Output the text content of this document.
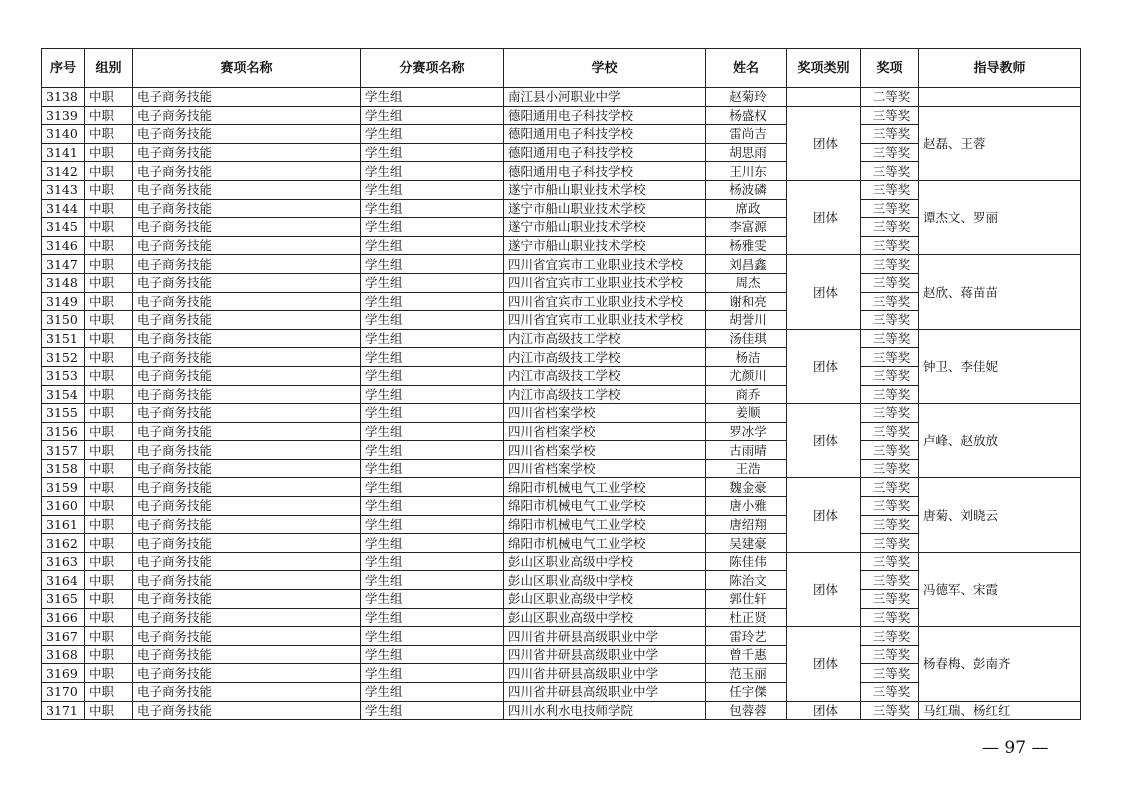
序号	组别	赛项名称	分赛项名称	学校	姓名	奖项类别	奖项	指导教师
3138	中职	电子商务技能	学生组	南江县小河职业中学	赵菊玲		二等奖	
3139	中职	电子商务技能	学生组	德阳通用电子科技学校	杨盛权	团体	三等奖	赵磊、王蓉
3140	中职	电子商务技能	学生组	德阳通用电子科技学校	雷尚吉		三等奖	
3141	中职	电子商务技能	学生组	德阳通用电子科技学校	胡思雨		三等奖	
3142	中职	电子商务技能	学生组	德阳通用电子科技学校	王川东		三等奖	
3143	中职	电子商务技能	学生组	遂宁市船山职业技术学校	杨波磷	团体	三等奖	谭杰文、罗丽
3144	中职	电子商务技能	学生组	遂宁市船山职业技术学校	席政		三等奖	
3145	中职	电子商务技能	学生组	遂宁市船山职业技术学校	李富源		三等奖	
3146	中职	电子商务技能	学生组	遂宁市船山职业技术学校	杨雅雯		三等奖	
3147	中职	电子商务技能	学生组	四川省宜宾市工业职业技术学校	刘昌鑫	团体	三等奖	赵欣、蒋苗苗
3148	中职	电子商务技能	学生组	四川省宜宾市工业职业技术学校	周杰		三等奖	
3149	中职	电子商务技能	学生组	四川省宜宾市工业职业技术学校	谢和亮		三等奖	
3150	中职	电子商务技能	学生组	四川省宜宾市工业职业技术学校	胡誉川		三等奖	
3151	中职	电子商务技能	学生组	内江市高级技工学校	汤佳琪	团体	三等奖	钟卫、李佳妮
3152	中职	电子商务技能	学生组	内江市高级技工学校	杨洁		三等奖	
3153	中职	电子商务技能	学生组	内江市高级技工学校	尤颜川		三等奖	
3154	中职	电子商务技能	学生组	内江市高级技工学校	商乔		三等奖	
3155	中职	电子商务技能	学生组	四川省档案学校	姜顺	团体	三等奖	卢峰、赵放放
3156	中职	电子商务技能	学生组	四川省档案学校	罗冰学		三等奖	
3157	中职	电子商务技能	学生组	四川省档案学校	古雨晴		三等奖	
3158	中职	电子商务技能	学生组	四川省档案学校	王浩		三等奖	
3159	中职	电子商务技能	学生组	绵阳市机械电气工业学校	魏金豪	团体	三等奖	唐菊、刘晓云
3160	中职	电子商务技能	学生组	绵阳市机械电气工业学校	唐小雅		三等奖	
3161	中职	电子商务技能	学生组	绵阳市机械电气工业学校	唐绍翔		三等奖	
3162	中职	电子商务技能	学生组	绵阳市机械电气工业学校	吴建豪		三等奖	
3163	中职	电子商务技能	学生组	彭山区职业高级中学校	陈佳伟	团体	三等奖	冯德军、宋霞
3164	中职	电子商务技能	学生组	彭山区职业高级中学校	陈治文		三等奖	
3165	中职	电子商务技能	学生组	彭山区职业高级中学校	郭仕轩		三等奖	
3166	中职	电子商务技能	学生组	彭山区职业高级中学校	杜正贤		三等奖	
3167	中职	电子商务技能	学生组	四川省井研县高级职业中学	雷玲艺	团体	三等奖	杨春梅、彭南齐
3168	中职	电子商务技能	学生组	四川省井研县高级职业中学	曾千惠		三等奖	
3169	中职	电子商务技能	学生组	四川省井研县高级职业中学	范玉丽		三等奖	
3170	中职	电子商务技能	学生组	四川省井研县高级职业中学	任宇傑		三等奖	
3171	中职	电子商务技能	学生组	四川水利水电技师学院	包蓉蓉	团体	三等奖	马红瑞、杨红红
— 97 —
